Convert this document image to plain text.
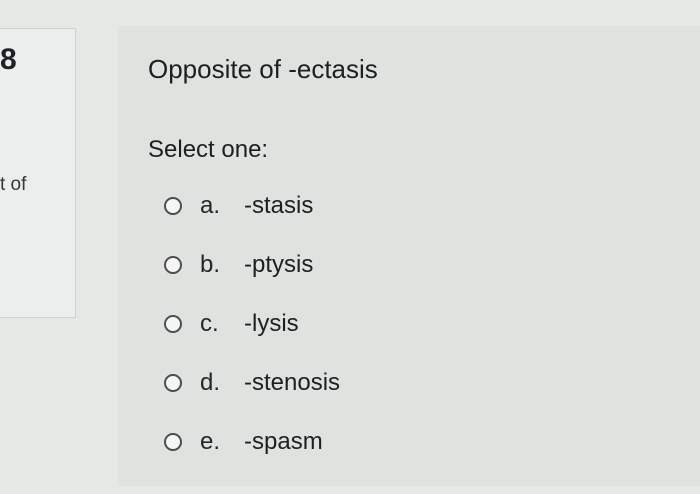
8
t of
Opposite of -ectasis
Select one:
a. -stasis
b. -ptysis
c.	-lysis
d. -stenosis
e. -spasm
